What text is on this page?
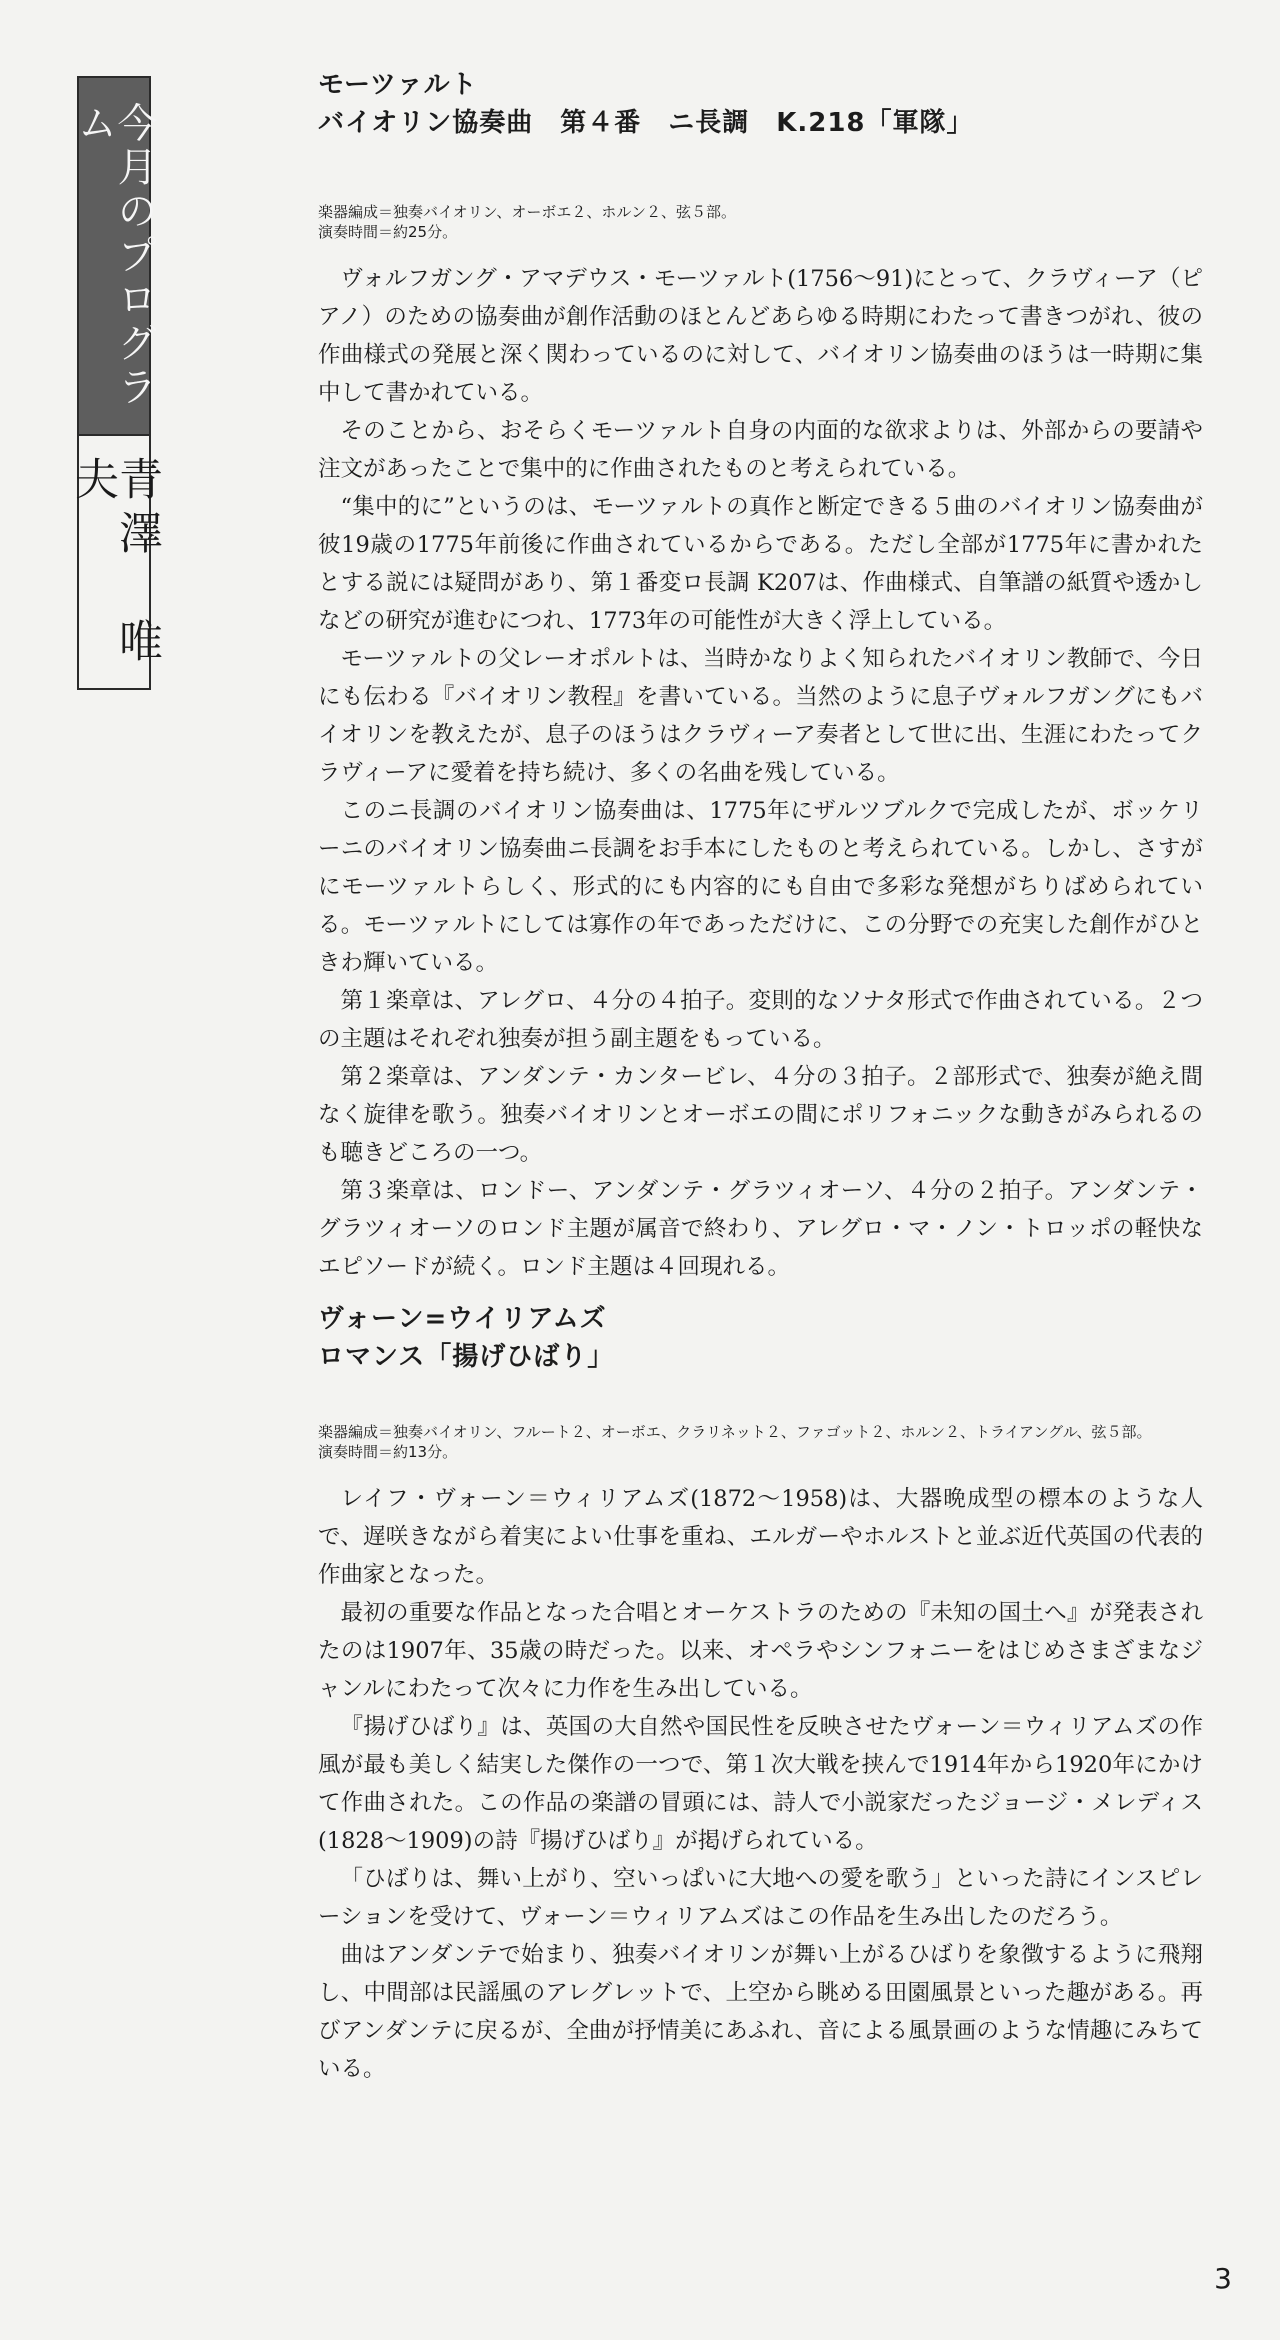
今月のプログラム
青澤　唯夫
モーツァルト
バイオリン協奏曲　第４番　ニ長調　K.218「軍隊」
楽器編成＝ 独奏バイオリン、オーボエ２、ホルン２、弦５部。
演奏時間＝ 約25分。

ヴォルフガング・アマデウス・モーツァルト(1756〜91)にとって、クラヴィーア（ピアノ）のための協奏曲が創作活動のほとんどあらゆる時期にわたって書きつがれ、彼の作曲様式の発展と深く関わっているのに対して、バイオリン協奏曲のほうは一時期に集中して書かれている。

そのことから、おそらくモーツァルト自身の内面的な欲求よりは、外部からの要請や注文があったことで集中的に作曲されたものと考えられている。

“集中的に”というのは、モーツァルトの真作と断定できる５曲のバイオリン協奏曲が彼19歳の1775年前後に作曲されているからである。ただし全部が1775年に書かれたとする説には疑問があり、第１番変ロ長調 K207は、作曲様式、自筆譜の紙質や透かしなどの研究が進むにつれ、1773年の可能性が大きく浮上している。

モーツァルトの父レーオポルトは、当時かなりよく知られたバイオリン教師で、今日にも伝わる『バイオリン教程』を書いている。当然のように息子ヴォルフガングにもバイオリンを教えたが、息子のほうはクラヴィーア奏者として世に出、生涯にわたってクラヴィーアに愛着を持ち続け、多くの名曲を残している。

このニ長調のバイオリン協奏曲は、1775年にザルツブルクで完成したが、ボッケリーニのバイオリン協奏曲ニ長調をお手本にしたものと考えられている。しかし、さすがにモーツァルトらしく、形式的にも内容的にも自由で多彩な発想がちりばめられている。モーツァルトにしては寡作の年であっただけに、この分野での充実した創作がひときわ輝いている。

第１楽章は、アレグロ、４分の４拍子。変則的なソナタ形式で作曲されている。２つの主題はそれぞれ独奏が担う副主題をもっている。

第２楽章は、アンダンテ・カンタービレ、４分の３拍子。２部形式で、独奏が絶え間なく旋律を歌う。独奏バイオリンとオーボエの間にポリフォニックな動きがみられるのも聴きどころの一つ。

第３楽章は、ロンドー、アンダンテ・グラツィオーソ、４分の２拍子。アンダンテ・グラツィオーソのロンド主題が属音で終わり、アレグロ・マ・ノン・トロッポの軽快なエピソードが続く。ロンド主題は４回現れる。

ヴォーン=ウイリアムズ
ロマンス「揚げひばり」
楽器編成＝ 独奏バイオリン、フルート２、オーボエ、クラリネット２、ファゴット２、ホルン２、トライアングル、弦５部。
演奏時間＝ 約13分。

レイフ・ヴォーン＝ウィリアムズ(1872〜1958)は、大器晩成型の標本のような人で、遅咲きながら着実によい仕事を重ね、エルガーやホルストと並ぶ近代英国の代表的作曲家となった。

最初の重要な作品となった合唱とオーケストラのための『未知の国土へ』が発表されたのは1907年、35歳の時だった。以来、オペラやシンフォニーをはじめさまざまなジャンルにわたって次々に力作を生み出している。

『揚げひばり』は、英国の大自然や国民性を反映させたヴォーン＝ウィリアムズの作風が最も美しく結実した傑作の一つで、第１次大戦を挟んで1914年から1920年にかけて作曲された。この作品の楽譜の冒頭には、詩人で小説家だったジョージ・メレディス(1828〜1909)の詩『揚げひばり』が掲げられている。

「ひばりは、舞い上がり、空いっぱいに大地への愛を歌う」といった詩にインスピレーションを受けて、ヴォーン＝ウィリアムズはこの作品を生み出したのだろう。

曲はアンダンテで始まり、独奏バイオリンが舞い上がるひばりを象徴するように飛翔し、中間部は民謡風のアレグレットで、上空から眺める田園風景といった趣がある。再びアンダンテに戻るが、全曲が抒情美にあふれ、音による風景画のような情趣にみちている。

3
